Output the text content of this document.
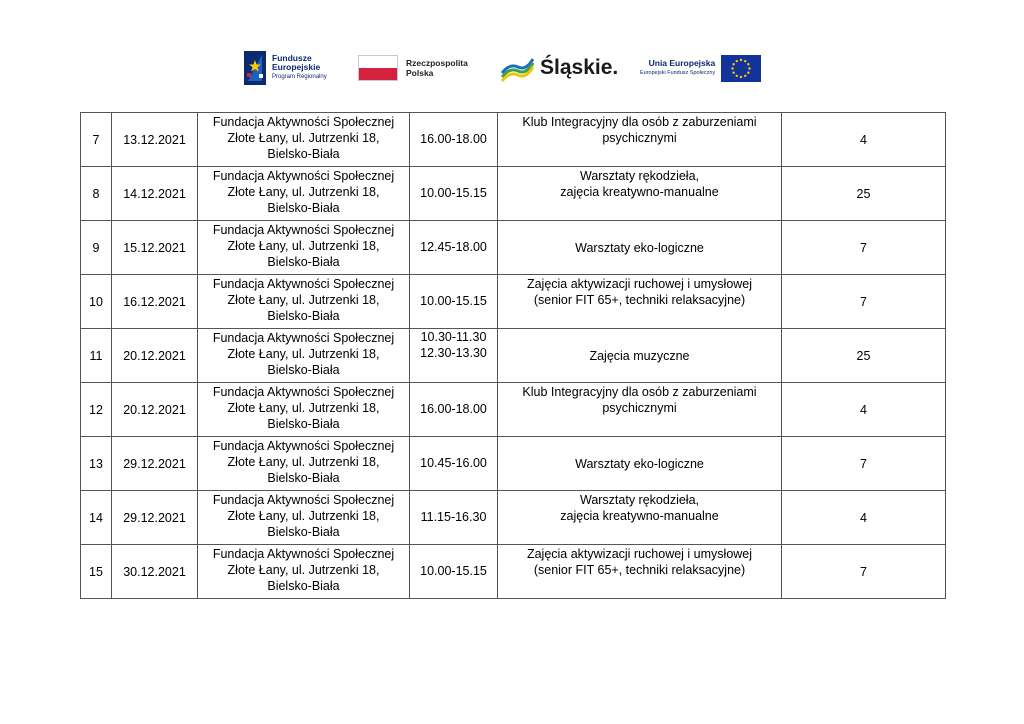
Fundusze
Europejskie
Program Regionalny
Rzeczpospolita
Polska	Śląskie.	Unia Europejska
Europejski Fundusz Społeczny
7	13.12.2021	Fundacja Aktywności Społecznej
Złote Łany, ul. Jutrzenki 18,
Bielsko-Biała	16.00-18.00	Klub Integracyjny dla osób z zaburzeniami
psychicznymi	4

8	14.12.2021	Fundacja Aktywności Społecznej
Złote Łany, ul. Jutrzenki 18,
Bielsko-Biała	10.00-15.15	Warsztaty rękodzieła,
zajęcia kreatywno-manualne	25

9	15.12.2021	Fundacja Aktywności Społecznej
Złote Łany, ul. Jutrzenki 18,
Bielsko-Biała	12.45-18.00	Warsztaty eko-logiczne	7

10	16.12.2021	Fundacja Aktywności Społecznej
Złote Łany, ul. Jutrzenki 18,
Bielsko-Biała	10.00-15.15	Zajęcia aktywizacji ruchowej i umysłowej
(senior FIT 65+, techniki relaksacyjne)	7

11	20.12.2021	Fundacja Aktywności Społecznej
Złote Łany, ul. Jutrzenki 18,
Bielsko-Biała	10.30-11.30
12.30-13.30	Zajęcia muzyczne	25

12	20.12.2021	Fundacja Aktywności Społecznej
Złote Łany, ul. Jutrzenki 18,
Bielsko-Biała	16.00-18.00	Klub Integracyjny dla osób z zaburzeniami
psychicznymi	4

13	29.12.2021	Fundacja Aktywności Społecznej
Złote Łany, ul. Jutrzenki 18,
Bielsko-Biała	10.45-16.00	Warsztaty eko-logiczne	7

14	29.12.2021	Fundacja Aktywności Społecznej
Złote Łany, ul. Jutrzenki 18,
Bielsko-Biała	11.15-16.30	Warsztaty rękodzieła,
zajęcia kreatywno-manualne	4

15	30.12.2021	Fundacja Aktywności Społecznej
Złote Łany, ul. Jutrzenki 18,
Bielsko-Biała	10.00-15.15	Zajęcia aktywizacji ruchowej i umysłowej
(senior FIT 65+, techniki relaksacyjne)	7
